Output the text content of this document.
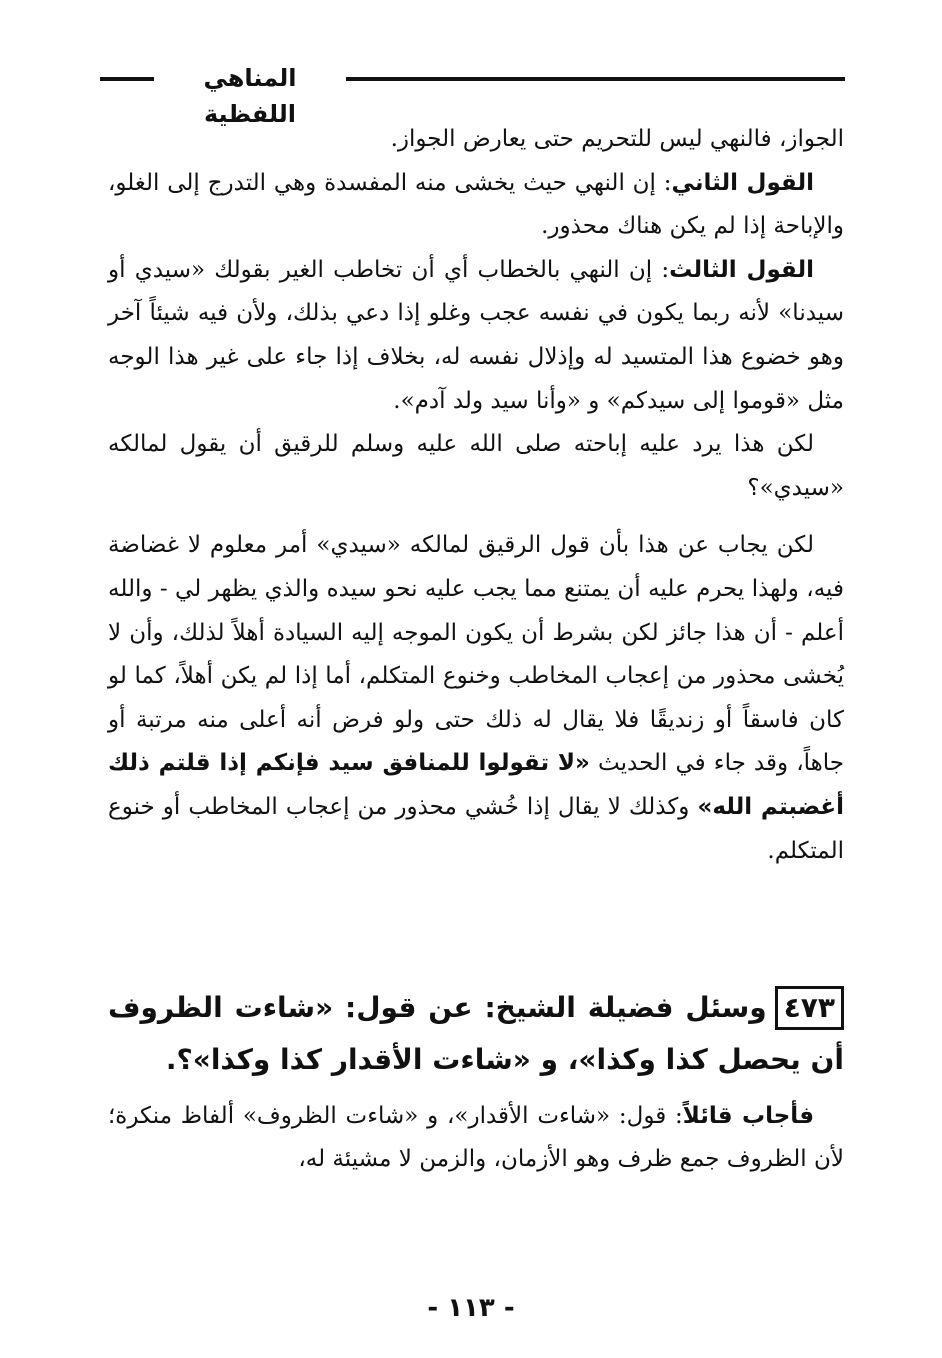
المناهي اللفظية

الجواز، فالنهي ليس للتحريم حتى يعارض الجواز.

القول الثاني: إن النهي حيث يخشى منه المفسدة وهي التدرج إلى الغلو، والإباحة إذا لم يكن هناك محذور.

القول الثالث: إن النهي بالخطاب أي أن تخاطب الغير بقولك «سيدي أو سيدنا» لأنه ربما يكون في نفسه عجب وغلو إذا دعي بذلك، ولأن فيه شيئاً آخر وهو خضوع هذا المتسيد له وإذلال نفسه له، بخلاف إذا جاء على غير هذا الوجه مثل «قوموا إلى سيدكم» و «وأنا سيد ولد آدم».

لكن هذا يرد عليه إباحته صلى الله عليه وسلم للرقيق أن يقول لمالكه «سيدي»؟

لكن يجاب عن هذا بأن قول الرقيق لمالكه «سيدي» أمر معلوم لا غضاضة فيه، ولهذا يحرم عليه أن يمتنع مما يجب عليه نحو سيده والذي يظهر لي - والله أعلم - أن هذا جائز لكن بشرط أن يكون الموجه إليه السيادة أهلاً لذلك، وأن لا يُخشى محذور من إعجاب المخاطب وخنوع المتكلم، أما إذا لم يكن أهلاً، كما لو كان فاسقاً أو زنديقًا فلا يقال له ذلك حتى ولو فرض أنه أعلى منه مرتبة أو جاهاً، وقد جاء في الحديث «لا تقولوا للمنافق سيد فإنكم إذا قلتم ذلك أغضبتم الله» وكذلك لا يقال إذا خُشي محذور من إعجاب المخاطب أو خنوع المتكلم.

٤٧٣وسئل فضيلة الشيخ: عن قول: «شاءت الظروف أن يحصل كذا وكذا»، و «شاءت الأقدار كذا وكذا»؟.

فأجاب قائلاً: قول: «شاءت الأقدار»، و «شاءت الظروف» ألفاظ منكرة؛ لأن الظروف جمع ظرف وهو الأزمان، والزمن لا مشيئة له،

- ١١٣ -
